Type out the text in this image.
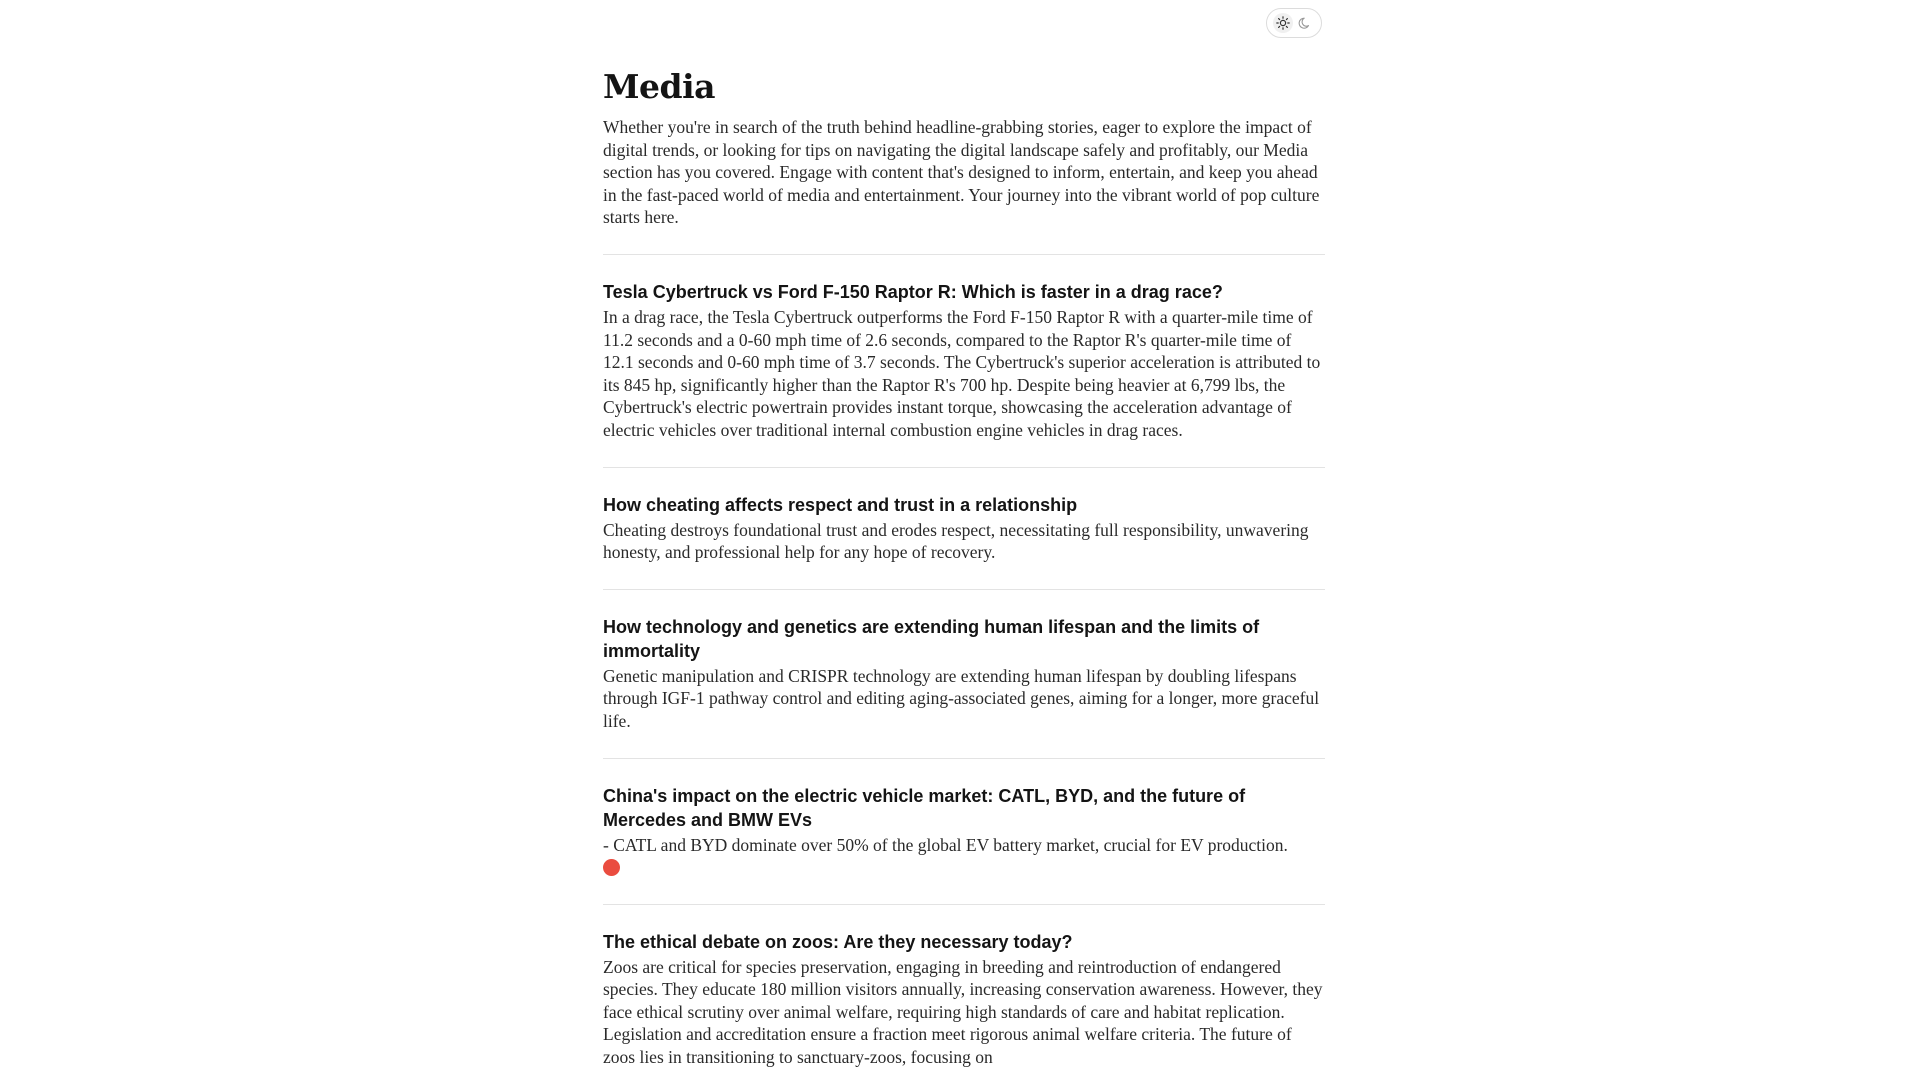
Media

Whether you're in search of the truth behind headline-grabbing stories, eager to explore the impact of digital trends, or looking for tips on navigating the digital landscape safely and profitably, our Media section has you covered. Engage with content that's designed to inform, entertain, and keep you ahead in the fast-paced world of media and entertainment. Your journey into the vibrant world of pop culture starts here.

Tesla Cybertruck vs Ford F-150 Raptor R: Which is faster in a drag race?

In a drag race, the Tesla Cybertruck outperforms the Ford F-150 Raptor R with a quarter-mile time of 11.2 seconds and a 0-60 mph time of 2.6 seconds, compared to the Raptor R's quarter-mile time of 12.1 seconds and 0-60 mph time of 3.7 seconds. The Cybertruck's superior acceleration is attributed to its 845 hp, significantly higher than the Raptor R's 700 hp. Despite being heavier at 6,799 lbs, the Cybertruck's electric powertrain provides instant torque, showcasing the acceleration advantage of electric vehicles over traditional internal combustion engine vehicles in drag races.

How cheating affects respect and trust in a relationship

Cheating destroys foundational trust and erodes respect, necessitating full responsibility, unwavering honesty, and professional help for any hope of recovery.

How technology and genetics are extending human lifespan and the limits of immortality

Genetic manipulation and CRISPR technology are extending human lifespan by doubling lifespans through IGF-1 pathway control and editing aging-associated genes, aiming for a longer, more graceful life.

China's impact on the electric vehicle market: CATL, BYD, and the future of Mercedes and BMW EVs

- CATL and BYD dominate over 50% of the global EV battery market, crucial for EV production.

The ethical debate on zoos: Are they necessary today?

Zoos are critical for species preservation, engaging in breeding and reintroduction of endangered species. They educate 180 million visitors annually, increasing conservation awareness. However, they face ethical scrutiny over animal welfare, requiring high standards of care and habitat replication. Legislation and accreditation ensure a fraction meet rigorous animal welfare criteria. The future of zoos lies in transitioning to sanctuary-zoos, focusing on
